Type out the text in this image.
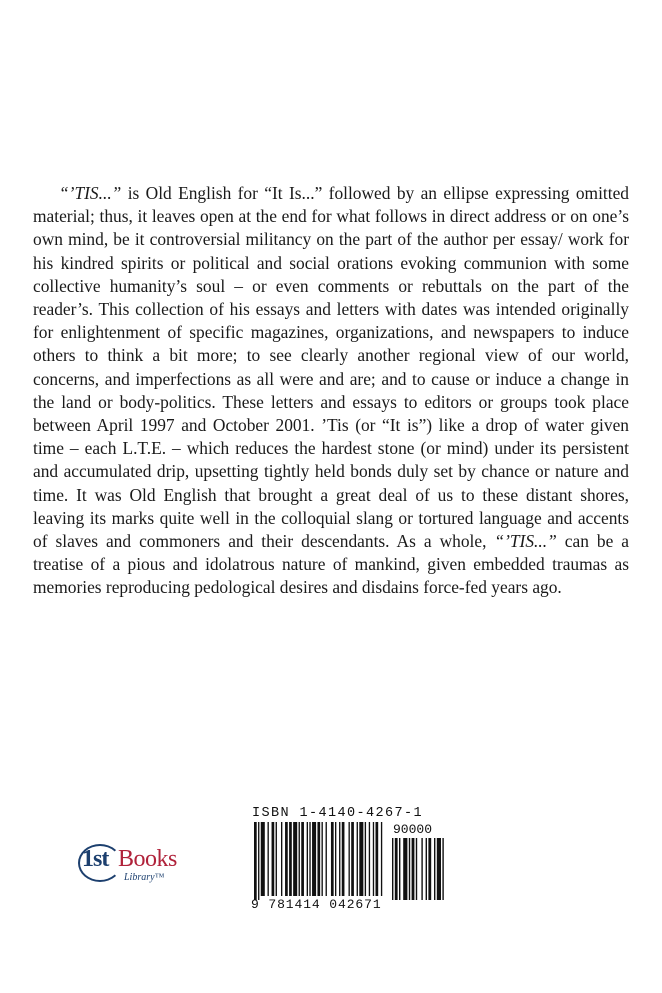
“’TIS...” is Old English for “It Is...” followed by an ellipse expressing omitted material; thus, it leaves open at the end for what follows in direct address or on one’s own mind, be it controversial militancy on the part of the author per essay/ work for his kindred spirits or political and social orations evoking communion with some collective humanity’s soul – or even comments or rebuttals on the part of the reader’s. This collection of his essays and letters with dates was intended originally for enlightenment of specific magazines, organizations, and newspapers to induce others to think a bit more; to see clearly another regional view of our world, concerns, and imperfections as all were and are; and to cause or induce a change in the land or body-politics. These letters and essays to editors or groups took place between April 1997 and October 2001. ’Tis (or “It is”) like a drop of water given time – each L.T.E. – which reduces the hardest stone (or mind) under its persistent and accumulated drip, upsetting tightly held bonds duly set by chance or nature and time. It was Old English that brought a great deal of us to these distant shores, leaving its marks quite well in the colloquial slang or tortured language and accents of slaves and commoners and their descendants. As a whole, “’TIS...” can be a treatise of a pious and idolatrous nature of mankind, given embedded traumas as memories reproducing pedological desires and disdains force-fed years ago.

1st Books
Library™
ISBN 1-4140-4267-1
90000
9 781414 042671
